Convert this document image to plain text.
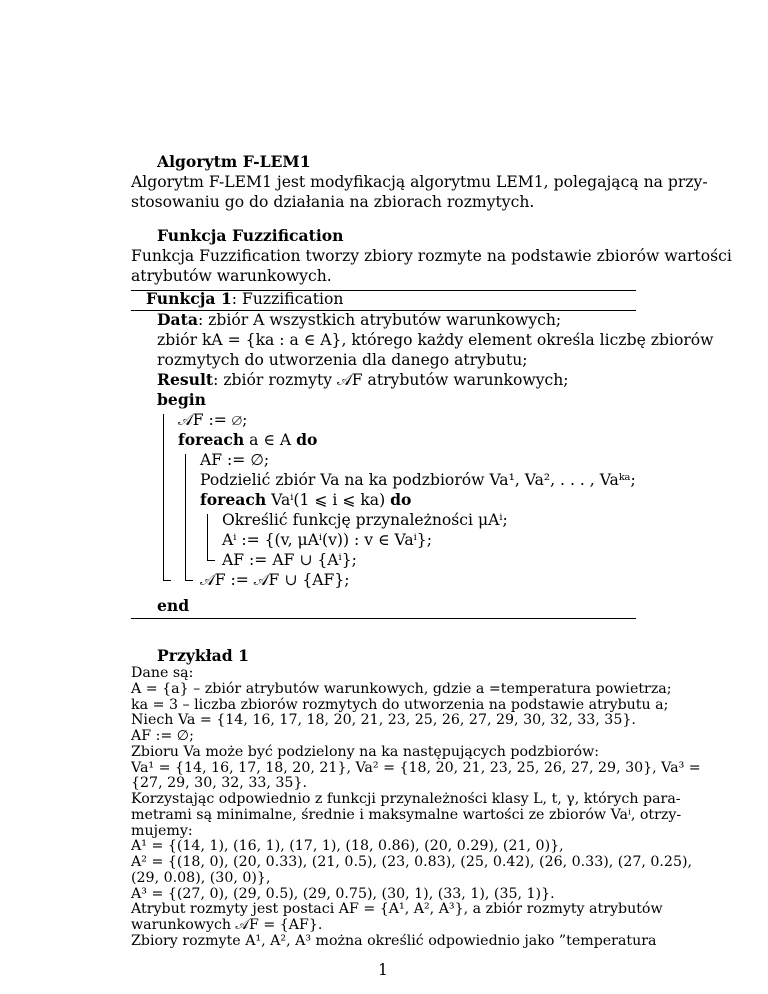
Algorytm F-LEM1
Algorytm F-LEM1 jest modyfikacją algorytmu LEM1, polegającą na przy-
stosowaniu go do działania na zbiorach rozmytych.
Funkcja Fuzzification
Funkcja Fuzzification tworzy zbiory rozmyte na podstawie zbiorów wartości
atrybutów warunkowych.
Funkcja 1: Fuzzification
Data: zbiór A wszystkich atrybutów warunkowych;
zbiór kA = {ka : a ∈ A}, którego każdy element określa liczbę zbiorów
rozmytych do utworzenia dla danego atrybutu;
Result: zbiór rozmyty 𝒜F atrybutów warunkowych;
begin
𝒜F := ∅;
foreach a ∈ A do
AF := ∅;
Podzielić zbiór Va na ka podzbiorów Va¹, Va², . . . , Vaᵏᵃ;
foreach Vaⁱ(1 ⩽ i ⩽ ka) do
Określić funkcję przynależności μAⁱ;
Aⁱ := {(v, μAⁱ(v)) : v ∈ Vaⁱ};
AF := AF ∪ {Aⁱ};
𝒜F := 𝒜F ∪ {AF};
end
Przykład 1
Dane są:
A = {a} – zbiór atrybutów warunkowych, gdzie a =temperatura powietrza;
ka = 3 – liczba zbiorów rozmytych do utworzenia na podstawie atrybutu a;
Niech Va = {14, 16, 17, 18, 20, 21, 23, 25, 26, 27, 29, 30, 32, 33, 35}.
AF := ∅;
Zbioru Va może być podzielony na ka następujących podzbiorów:
Va¹ = {14, 16, 17, 18, 20, 21}, Va² = {18, 20, 21, 23, 25, 26, 27, 29, 30}, Va³ =
{27, 29, 30, 32, 33, 35}.
Korzystając odpowiednio z funkcji przynależności klasy L, t, γ, których para-
metrami są minimalne, średnie i maksymalne wartości ze zbiorów Vaⁱ, otrzy-
mujemy:
A¹ = {(14, 1), (16, 1), (17, 1), (18, 0.86), (20, 0.29), (21, 0)},
A² = {(18, 0), (20, 0.33), (21, 0.5), (23, 0.83), (25, 0.42), (26, 0.33), (27, 0.25),
(29, 0.08), (30, 0)},
A³ = {(27, 0), (29, 0.5), (29, 0.75), (30, 1), (33, 1), (35, 1)}.
Atrybut rozmyty jest postaci AF = {A¹, A², A³}, a zbiór rozmyty atrybutów
warunkowych 𝒜F = {AF}.
Zbiory rozmyte A¹, A², A³ można określić odpowiednio jako ”temperatura
1
